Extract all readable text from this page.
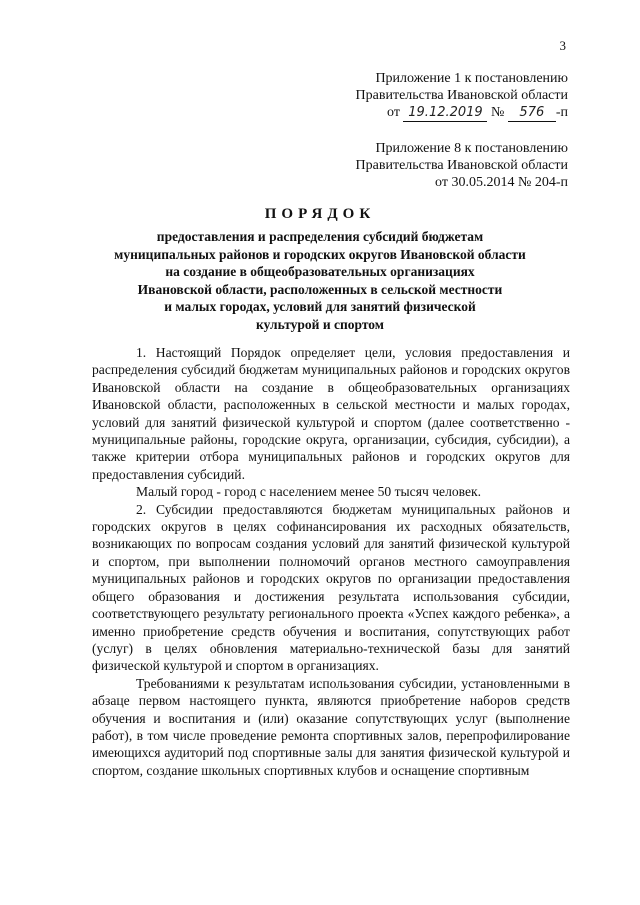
3
Приложение 1 к постановлению
Правительства Ивановской области
от 19.12.2019 № 576 -п
Приложение 8 к постановлению
Правительства Ивановской области
от 30.05.2014 № 204-п
ПОРЯДОК
предоставления и распределения субсидий бюджетам
муниципальных районов и городских округов Ивановской области
на создание в общеобразовательных организациях
Ивановской области, расположенных в сельской местности
и малых городах, условий для занятий физической
культурой и спортом

1. Настоящий Порядок определяет цели, условия предоставления и распределения субсидий бюджетам муниципальных районов и городских округов Ивановской области на создание в общеобразовательных организациях Ивановской области, расположенных в сельской местности и малых городах, условий для занятий физической культурой и спортом (далее соответственно - муниципальные районы, городские округа, организации, субсидия, субсидии), а также критерии отбора муниципальных районов и городских округов для предоставления субсидий.

Малый город - город с населением менее 50 тысяч человек.

2. Субсидии предоставляются бюджетам муниципальных районов и городских округов в целях софинансирования их расходных обязательств, возникающих по вопросам создания условий для занятий физической культурой и спортом, при выполнении полномочий органов местного самоуправления муниципальных районов и городских округов по организации предоставления общего образования и достижения результата использования субсидии, соответствующего результату регионального проекта «Успех каждого ребенка», а именно приобретение средств обучения и воспитания, сопутствующих работ (услуг) в целях обновления материально-технической базы для занятий физической культурой и спортом в организациях.

Требованиями к результатам использования субсидии, установленными в абзаце первом настоящего пункта, являются приобретение наборов средств обучения и воспитания и (или) оказание сопутствующих услуг (выполнение работ), в том числе проведение ремонта спортивных залов, перепрофилирование имеющихся аудиторий под спортивные залы для занятия физической культурой и спортом, создание школьных спортивных клубов и оснащение спортивным
